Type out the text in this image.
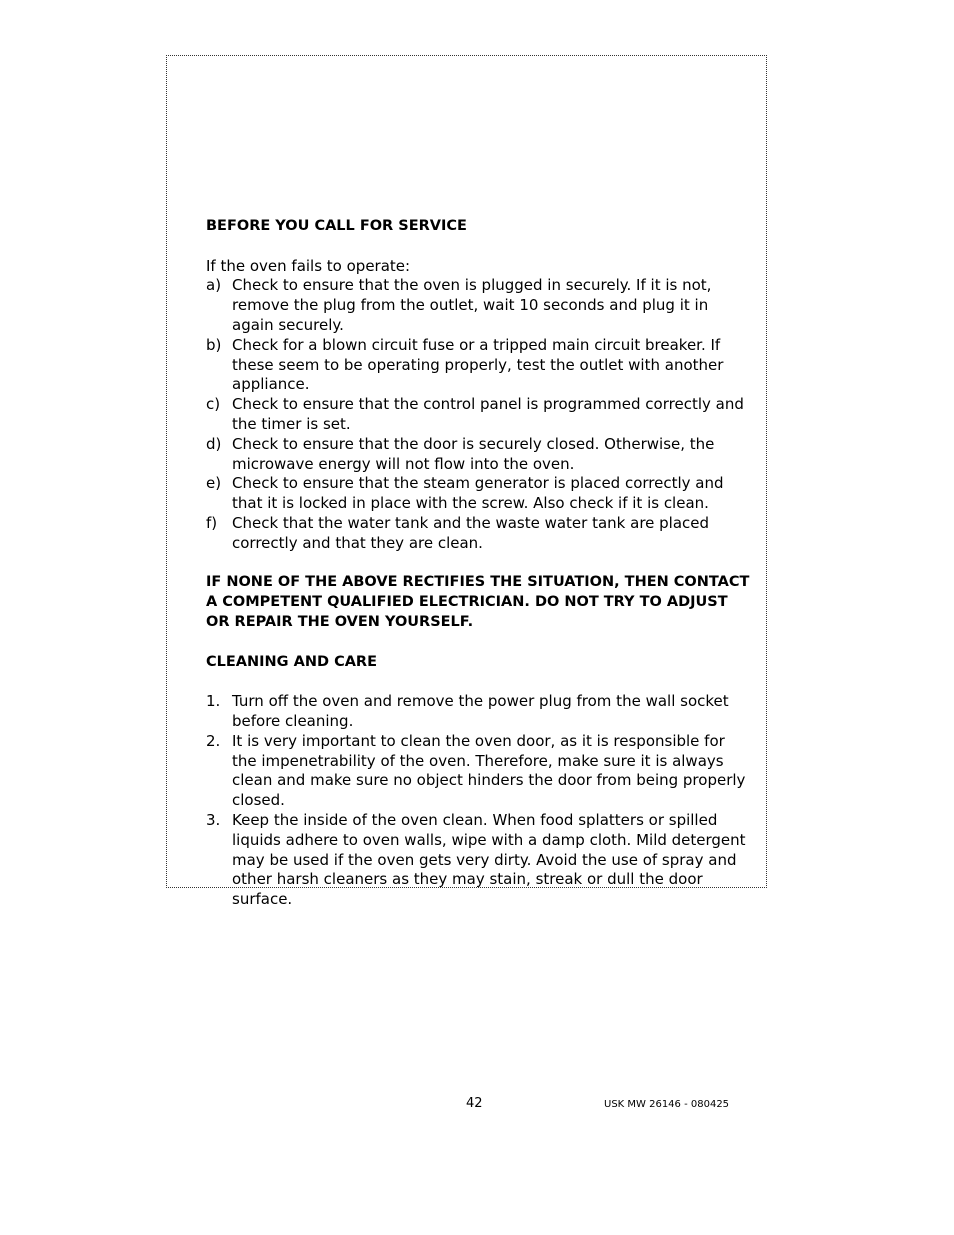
BEFORE YOU CALL FOR SERVICE

If the oven fails to operate:

a) Check to ensure that the oven is plugged in securely. If it is not, remove the plug from the outlet, wait 10 seconds and plug it in again securely.
b) Check for a blown circuit fuse or a tripped main circuit breaker. If these seem to be operating properly, test the outlet with another appliance.
c) Check to ensure that the control panel is programmed correctly and the timer is set.
d) Check to ensure that the door is securely closed. Otherwise, the microwave energy will not flow into the oven.
e) Check to ensure that the steam generator is placed correctly and that it is locked in place with the screw. Also check if it is clean.
f) Check that the water tank and the waste water tank are placed correctly and that they are clean.

IF NONE OF THE ABOVE RECTIFIES THE SITUATION, THEN CONTACT A COMPETENT QUALIFIED ELECTRICIAN. DO NOT TRY TO ADJUST OR REPAIR THE OVEN YOURSELF.

CLEANING AND CARE

1. Turn off the oven and remove the power plug from the wall socket before cleaning.
2. It is very important to clean the oven door, as it is responsible for the impenetrability of the oven. Therefore, make sure it is always clean and make sure no object hinders the door from being properly closed.
3. Keep the inside of the oven clean. When food splatters or spilled liquids adhere to oven walls, wipe with a damp cloth. Mild detergent may be used if the oven gets very dirty. Avoid the use of spray and other harsh cleaners as they may stain, streak or dull the door surface.
42	USK MW 26146 - 080425
